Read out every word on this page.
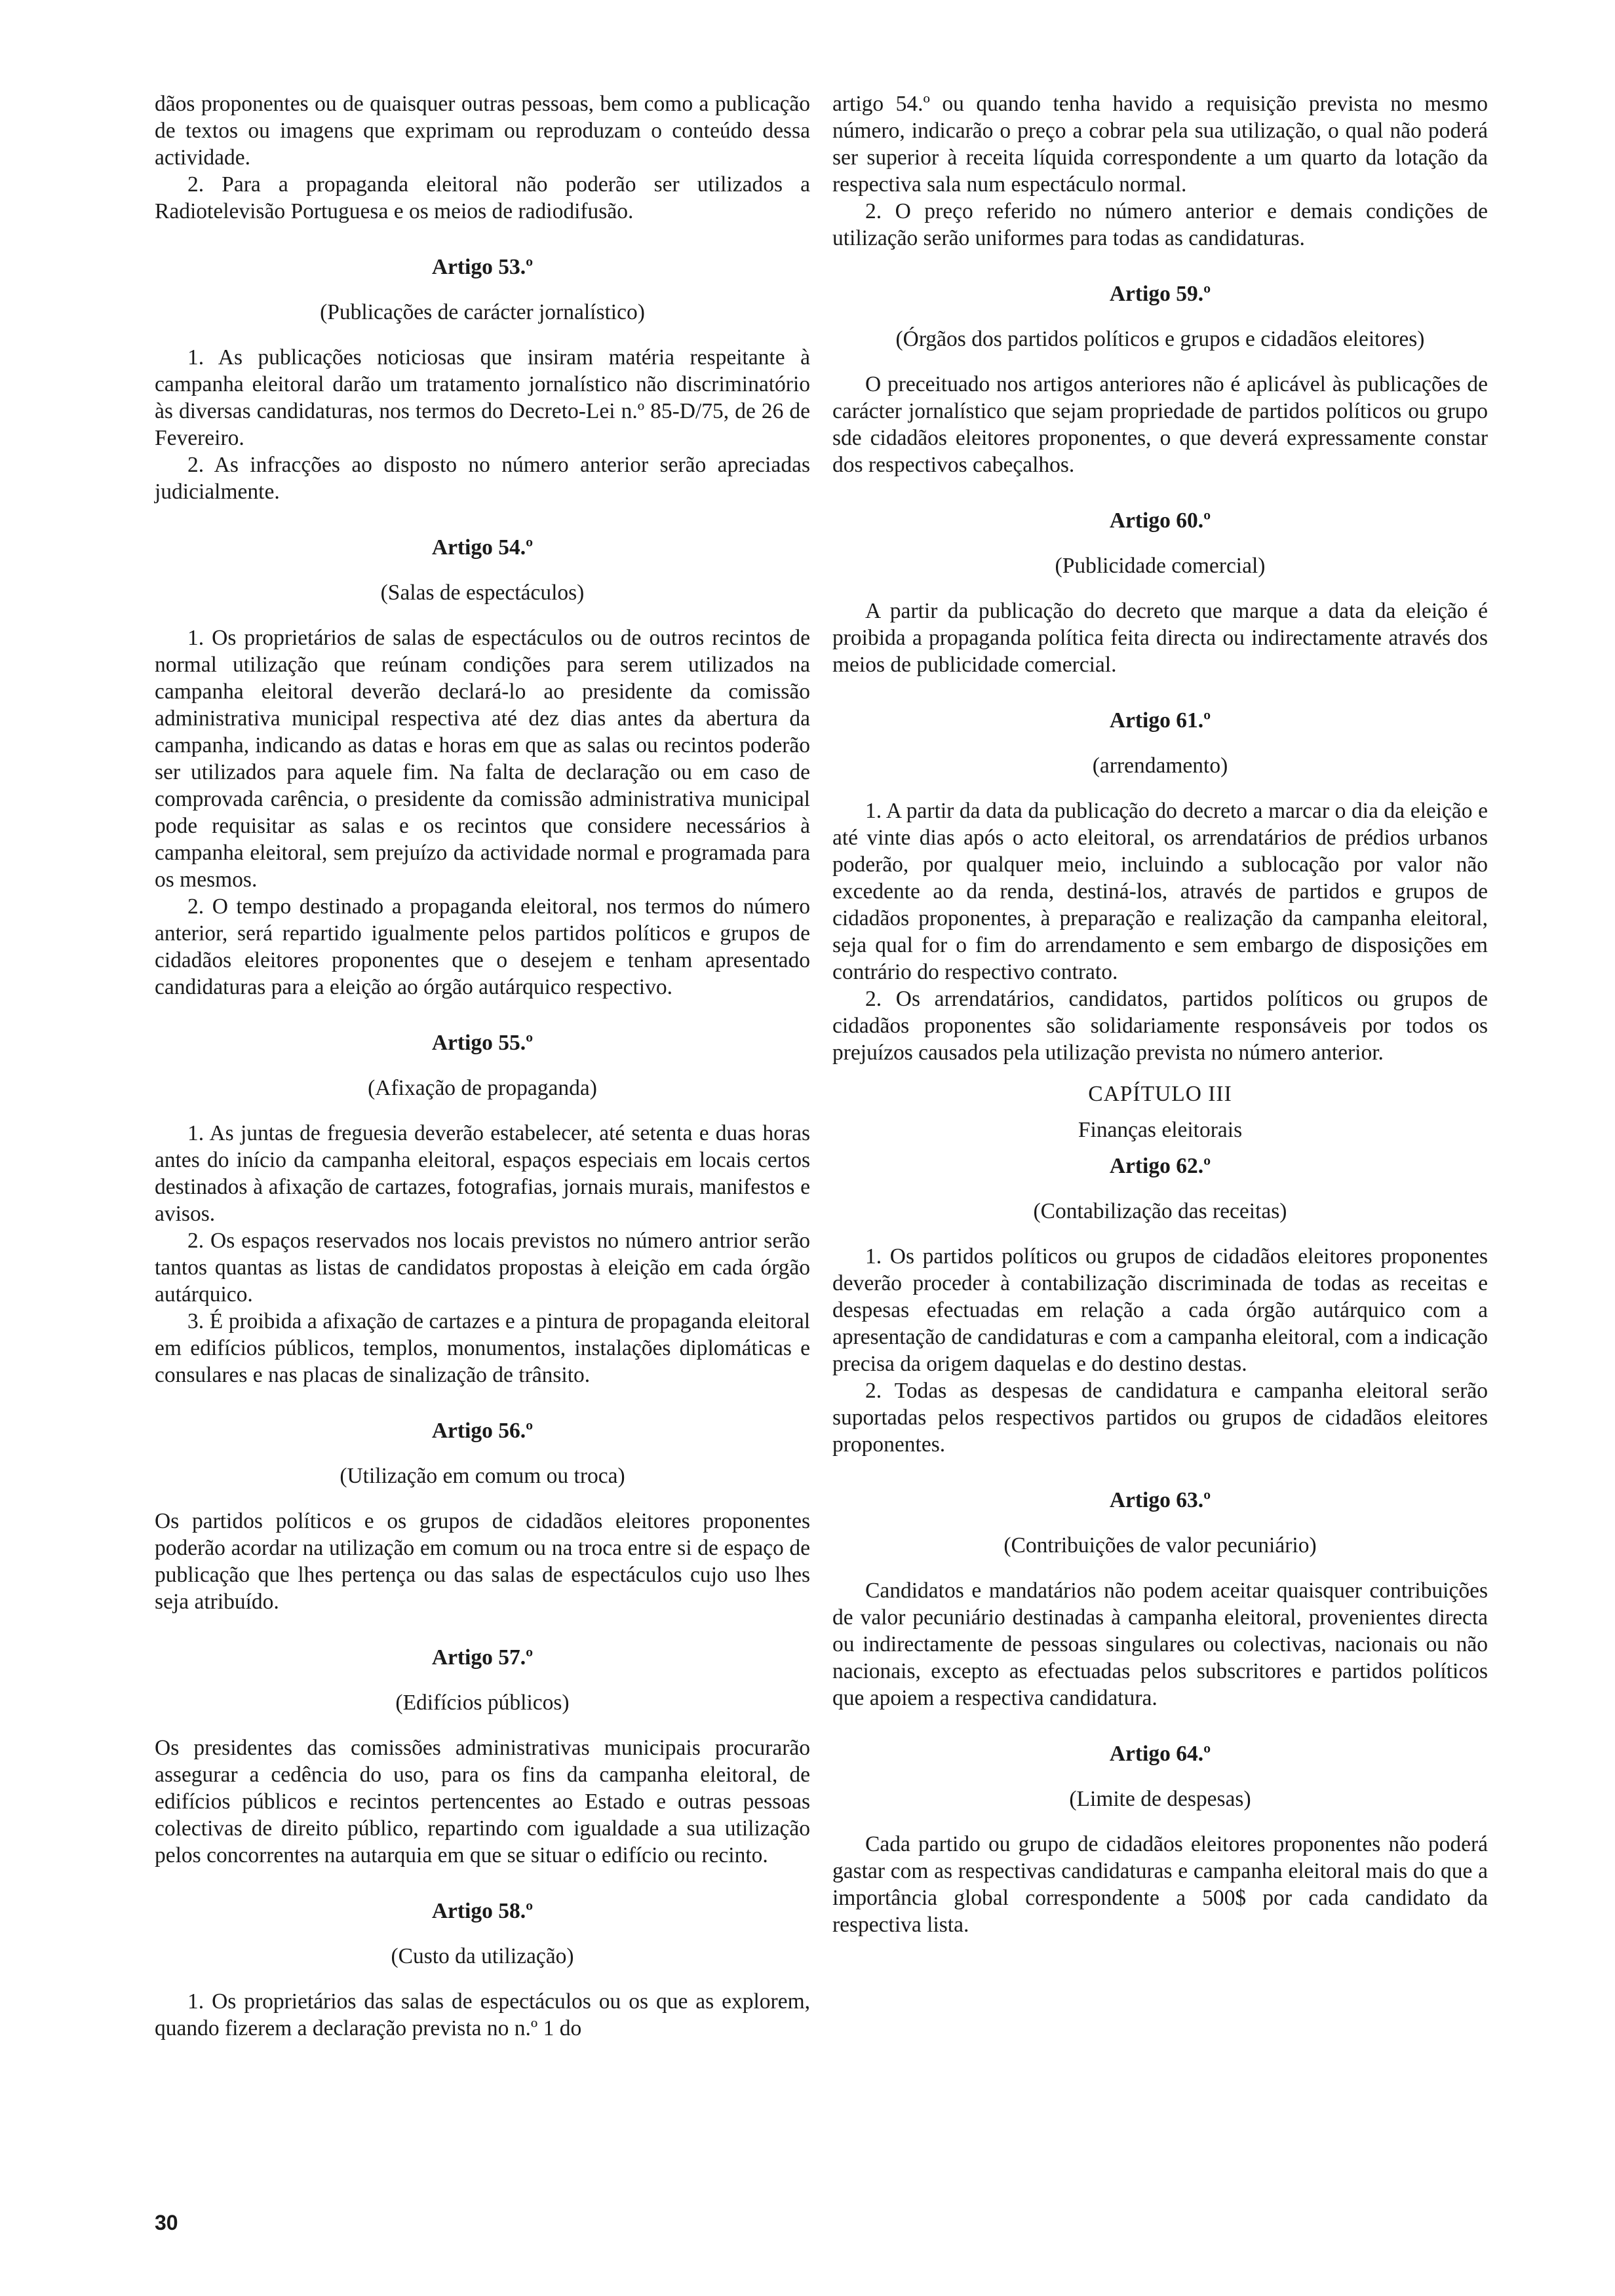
dãos proponentes ou de quaisquer outras pessoas, bem como a publicação de textos ou imagens que exprimam ou reproduzam o conteúdo dessa actividade.

2. Para a propaganda eleitoral não poderão ser utilizados a Radiotelevisão Portuguesa e os meios de radiodifusão.

Artigo 53.º

(Publicações de carácter jornalístico)

1. As publicações noticiosas que insiram matéria respeitante à campanha eleitoral darão um tratamento jornalístico não discriminatório às diversas candidaturas, nos termos do Decreto-Lei n.º 85-D/75, de 26 de Fevereiro.

2. As infracções ao disposto no número anterior serão apreciadas judicialmente.

Artigo 54.º

(Salas de espectáculos)

1. Os proprietários de salas de espectáculos ou de outros recintos de normal utilização que reúnam condições para serem utilizados na campanha eleitoral deverão declará-lo ao presidente da comissão administrativa municipal respectiva até dez dias antes da abertura da campanha, indicando as datas e horas em que as salas ou recintos poderão ser utilizados para aquele fim. Na falta de declaração ou em caso de comprovada carência, o presidente da comissão administrativa municipal pode requisitar as salas e os recintos que considere necessários à campanha eleitoral, sem prejuízo da actividade normal e programada para os mesmos.

2. O tempo destinado a propaganda eleitoral, nos termos do número anterior, será repartido igualmente pelos partidos políticos e grupos de cidadãos eleitores proponentes que o desejem e tenham apresentado candidaturas para a eleição ao órgão autárquico respectivo.

Artigo 55.º

(Afixação de propaganda)

1. As juntas de freguesia deverão estabelecer, até setenta e duas horas antes do início da campanha eleitoral, espaços especiais em locais certos destinados à afixação de cartazes, fotografias, jornais murais, manifestos e avisos.

2. Os espaços reservados nos locais previstos no número antrior serão tantos quantas as listas de candidatos propostas à eleição em cada órgão autárquico.

3. É proibida a afixação de cartazes e a pintura de propaganda eleitoral em edifícios públicos, templos, monumentos, instalações diplomáticas e consulares e nas placas de sinalização de trânsito.

Artigo 56.º

(Utilização em comum ou troca)

Os partidos políticos e os grupos de cidadãos eleitores proponentes poderão acordar na utilização em comum ou na troca entre si de espaço de publicação que lhes pertença ou das salas de espectáculos cujo uso lhes seja atribuído.

Artigo 57.º

(Edifícios públicos)

Os presidentes das comissões administrativas municipais procurarão assegurar a cedência do uso, para os fins da campanha eleitoral, de edifícios públicos e recintos pertencentes ao Estado e outras pessoas colectivas de direito público, repartindo com igualdade a sua utilização pelos concorrentes na autarquia em que se situar o edifício ou recinto.

Artigo 58.º

(Custo da utilização)

1. Os proprietários das salas de espectáculos ou os que as explorem, quando fizerem a declaração prevista no n.º 1 do

artigo 54.º ou quando tenha havido a requisição prevista no mesmo número, indicarão o preço a cobrar pela sua utilização, o qual não poderá ser superior à receita líquida correspondente a um quarto da lotação da respectiva sala num espectáculo normal.

2. O preço referido no número anterior e demais condições de utilização serão uniformes para todas as candidaturas.

Artigo 59.º

(Órgãos dos partidos políticos e grupos e cidadãos eleitores)

O preceituado nos artigos anteriores não é aplicável às publicações de carácter jornalístico que sejam propriedade de partidos políticos ou grupo sde cidadãos eleitores proponentes, o que deverá expressamente constar dos respectivos cabeçalhos.

Artigo 60.º

(Publicidade comercial)

A partir da publicação do decreto que marque a data da eleição é proibida a propaganda política feita directa ou indirectamente através dos meios de publicidade comercial.

Artigo 61.º

(arrendamento)

1. A partir da data da publicação do decreto a marcar o dia da eleição e até vinte dias após o acto eleitoral, os arrendatários de prédios urbanos poderão, por qualquer meio, incluindo a sublocação por valor não excedente ao da renda, destiná-los, através de partidos e grupos de cidadãos proponentes, à preparação e realização da campanha eleitoral, seja qual for o fim do arrendamento e sem embargo de disposições em contrário do respectivo contrato.

2. Os arrendatários, candidatos, partidos políticos ou grupos de cidadãos proponentes são solidariamente responsáveis por todos os prejuízos causados pela utilização prevista no número anterior.

CAPÍTULO III

Finanças eleitorais

Artigo 62.º

(Contabilização das receitas)

1. Os partidos políticos ou grupos de cidadãos eleitores proponentes deverão proceder à contabilização discriminada de todas as receitas e despesas efectuadas em relação a cada órgão autárquico com a apresentação de candidaturas e com a campanha eleitoral, com a indicação precisa da origem daquelas e do destino destas.

2. Todas as despesas de candidatura e campanha eleitoral serão suportadas pelos respectivos partidos ou grupos de cidadãos eleitores proponentes.

Artigo 63.º

(Contribuições de valor pecuniário)

Candidatos e mandatários não podem aceitar quaisquer contribuições de valor pecuniário destinadas à campanha eleitoral, provenientes directa ou indirectamente de pessoas singulares ou colectivas, nacionais ou não nacionais, excepto as efectuadas pelos subscritores e partidos políticos que apoiem a respectiva candidatura.

Artigo 64.º

(Limite de despesas)

Cada partido ou grupo de cidadãos eleitores proponentes não poderá gastar com as respectivas candidaturas e campanha eleitoral mais do que a importância global correspondente a 500$ por cada candidato da respectiva lista.

30
